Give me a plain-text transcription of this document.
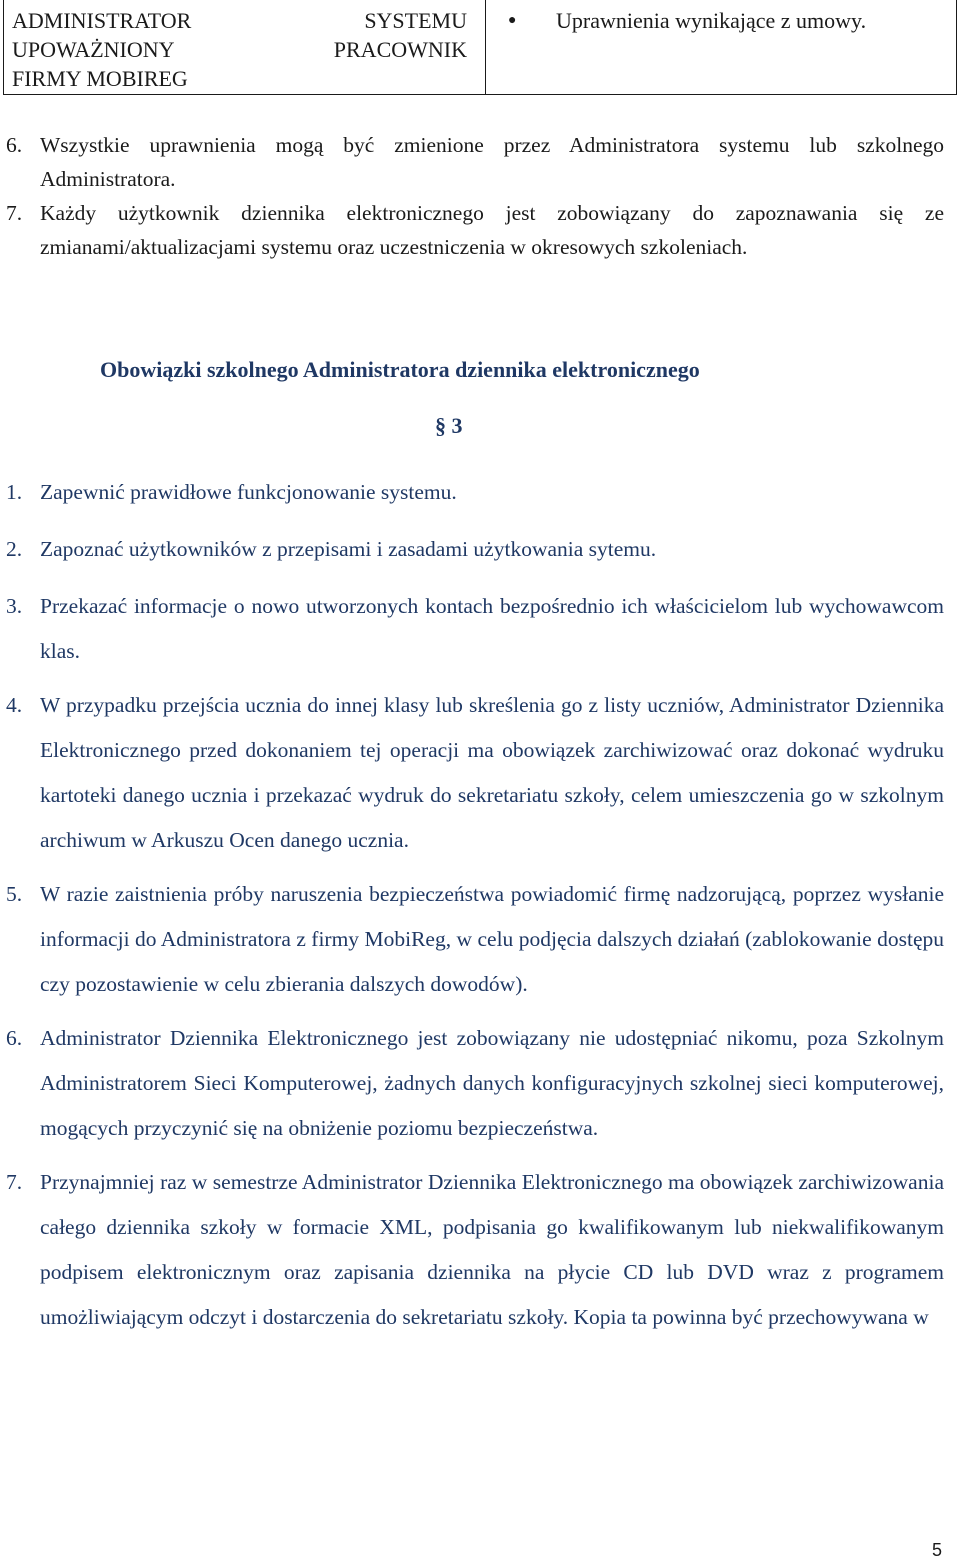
ADMINISTRATOR	SYSTEMU
UPOWAŻNIONY	PRACOWNIK
FIRMY MOBIREG
●	Uprawnienia wynikające z umowy.
6. Wszystkie uprawnienia mogą być zmienione przez Administratora systemu lub szkolnego Administratora.
7. Każdy użytkownik dziennika elektronicznego jest zobowiązany do zapoznawania się ze zmianami/aktualizacjami systemu oraz uczestniczenia w okresowych szkoleniach.
Obowiązki szkolnego Administratora dziennika elektronicznego
§ 3
1. Zapewnić prawidłowe funkcjonowanie systemu.
2. Zapoznać użytkowników z przepisami i zasadami użytkowania sytemu.
3. Przekazać informacje o nowo utworzonych kontach bezpośrednio ich właścicielom lub wychowawcom klas.
4. W przypadku przejścia ucznia do innej klasy lub skreślenia go z listy uczniów, Administrator Dziennika Elektronicznego przed dokonaniem tej operacji ma obowiązek zarchiwizować oraz dokonać wydruku kartoteki danego ucznia i przekazać wydruk do sekretariatu szkoły, celem umieszczenia go w szkolnym archiwum w Arkuszu Ocen danego ucznia.
5. W razie zaistnienia próby naruszenia bezpieczeństwa powiadomić firmę nadzorującą, poprzez wysłanie informacji do Administratora z firmy MobiReg, w celu podjęcia dalszych działań (zablokowanie dostępu czy pozostawienie w celu zbierania dalszych dowodów).
6. Administrator Dziennika Elektronicznego jest zobowiązany nie udostępniać nikomu, poza Szkolnym Administratorem Sieci Komputerowej, żadnych danych konfiguracyjnych szkolnej sieci komputerowej, mogących przyczynić się na obniżenie poziomu bezpieczeństwa.
7. Przynajmniej raz w semestrze Administrator Dziennika Elektronicznego ma obowiązek zarchiwizowania całego dziennika szkoły w formacie XML, podpisania go kwalifikowanym lub niekwalifikowanym podpisem elektronicznym oraz zapisania dziennika na płycie CD lub DVD wraz z programem umożliwiającym odczyt i dostarczenia do sekretariatu szkoły. Kopia ta powinna być przechowywana w
5
